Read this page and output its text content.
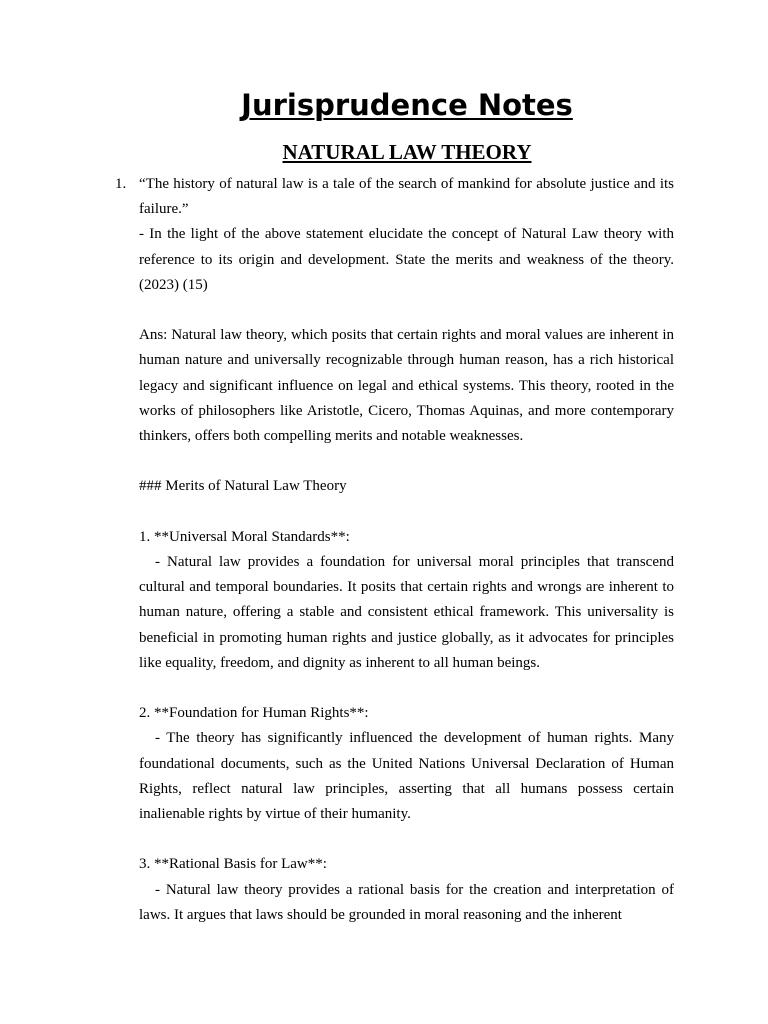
Jurisprudence Notes
NATURAL LAW THEORY
1. “The history of natural law is a tale of the search of mankind for absolute justice and its failure.”

- In the light of the above statement elucidate the concept of Natural Law theory with reference to its origin and development. State the merits and weakness of the theory. (2023) (15)

Ans: Natural law theory, which posits that certain rights and moral values are inherent in human nature and universally recognizable through human reason, has a rich historical legacy and significant influence on legal and ethical systems. This theory, rooted in the works of philosophers like Aristotle, Cicero, Thomas Aquinas, and more contemporary thinkers, offers both compelling merits and notable weaknesses.

### Merits of Natural Law Theory

1. **Universal Moral Standards**:

- Natural law provides a foundation for universal moral principles that transcend cultural and temporal boundaries. It posits that certain rights and wrongs are inherent to human nature, offering a stable and consistent ethical framework. This universality is beneficial in promoting human rights and justice globally, as it advocates for principles like equality, freedom, and dignity as inherent to all human beings.

2. **Foundation for Human Rights**:

- The theory has significantly influenced the development of human rights. Many foundational documents, such as the United Nations Universal Declaration of Human Rights, reflect natural law principles, asserting that all humans possess certain inalienable rights by virtue of their humanity.

3. **Rational Basis for Law**:

- Natural law theory provides a rational basis for the creation and interpretation of laws. It argues that laws should be grounded in moral reasoning and the inherent
